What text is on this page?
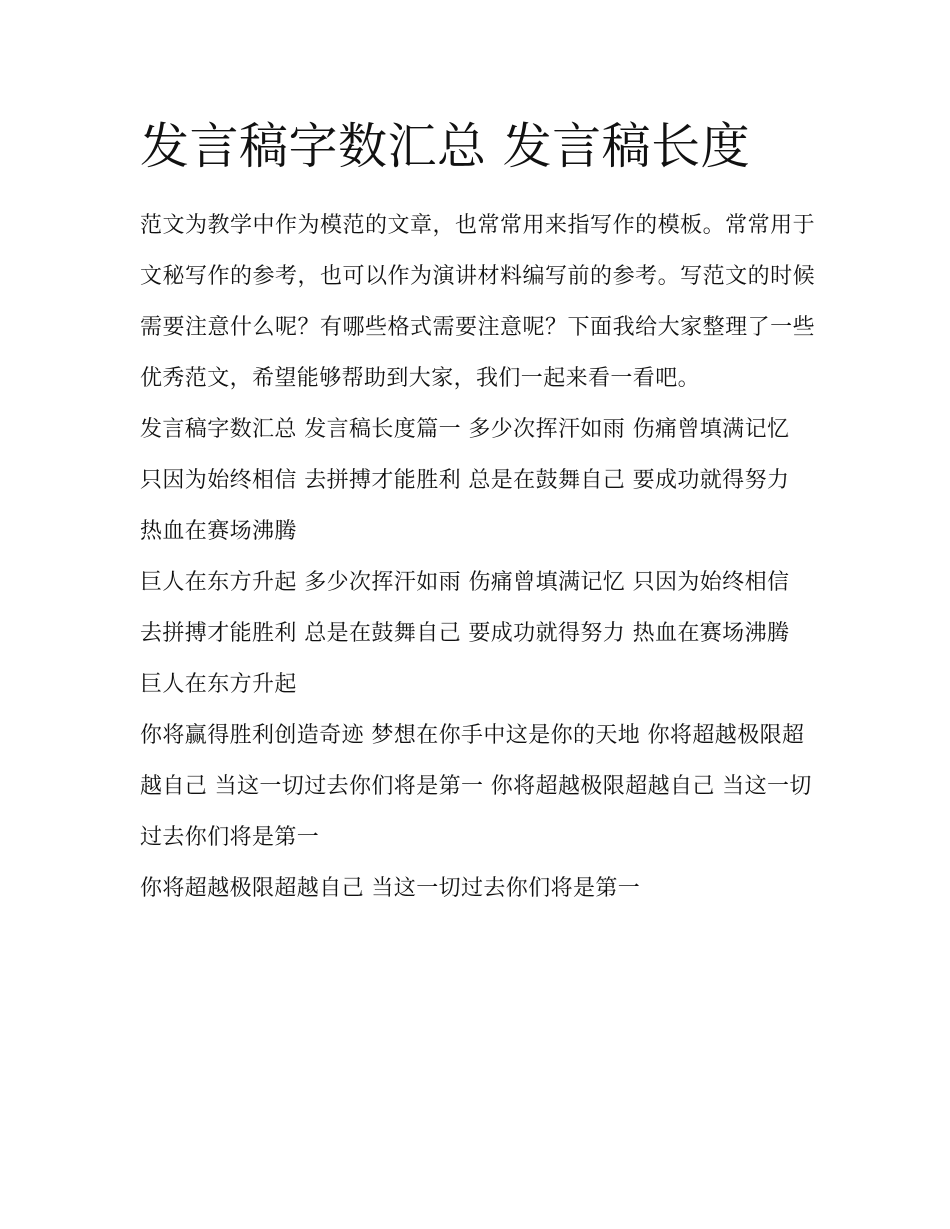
发言稿字数汇总 发言稿长度

范文为教学中作为模范的文章，也常常用来指写作的模板。常常用于文秘写作的参考，也可以作为演讲材料编写前的参考。写范文的时候需要注意什么呢？有哪些格式需要注意呢？下面我给大家整理了一些优秀范文，希望能够帮助到大家，我们一起来看一看吧。

发言稿字数汇总 发言稿长度篇一 多少次挥汗如雨 伤痛曾填满记忆 只因为始终相信 去拼搏才能胜利 总是在鼓舞自己 要成功就得努力 热血在赛场沸腾

巨人在东方升起 多少次挥汗如雨 伤痛曾填满记忆 只因为始终相信 去拼搏才能胜利 总是在鼓舞自己 要成功就得努力 热血在赛场沸腾 巨人在东方升起

你将赢得胜利创造奇迹 梦想在你手中这是你的天地 你将超越极限超越自己 当这一切过去你们将是第一 你将超越极限超越自己 当这一切过去你们将是第一

你将超越极限超越自己 当这一切过去你们将是第一
